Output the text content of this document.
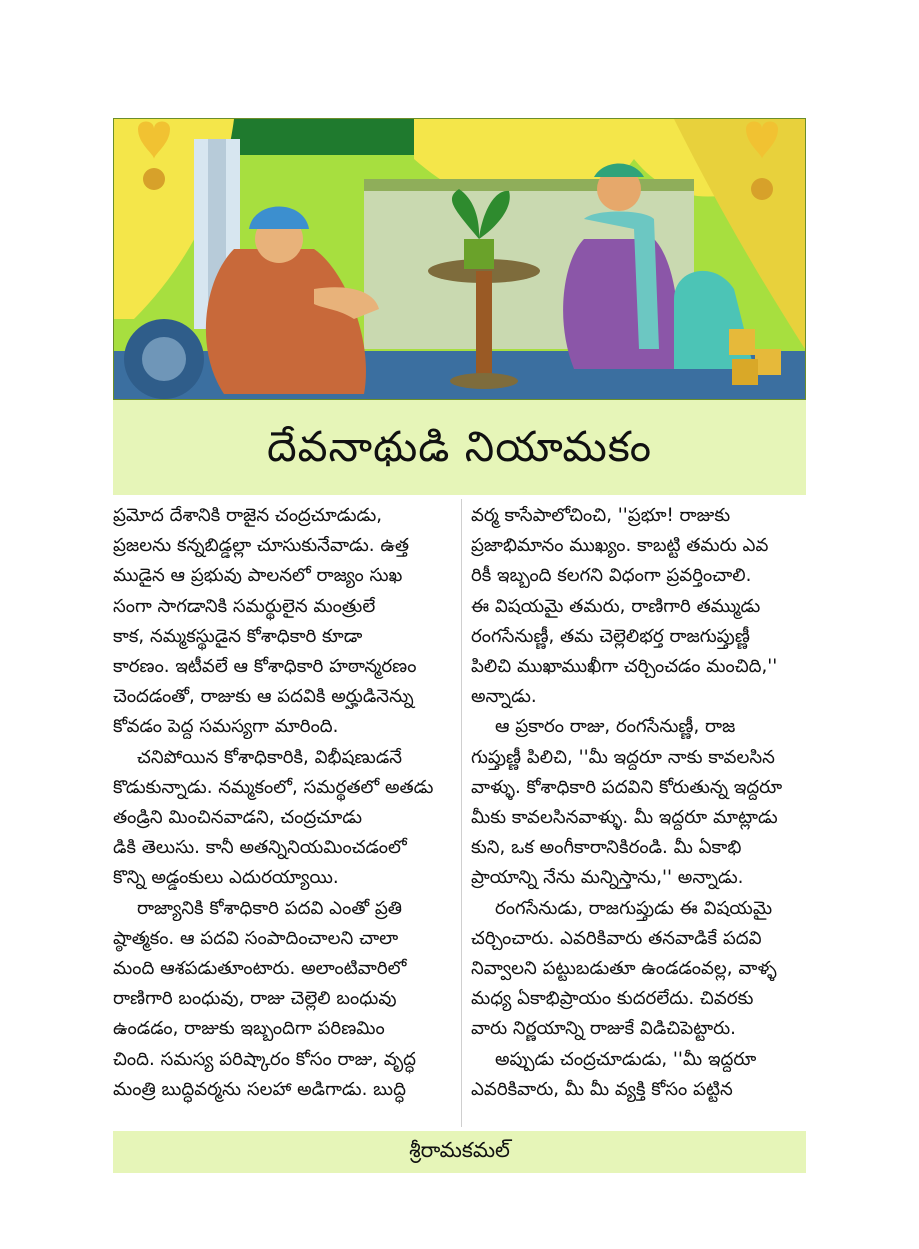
దేవనాథుడి నియామకం

ప్రమోద దేశానికి రాజైన చంద్రచూడుడు,

ప్రజలను కన్నబిడ్డల్లా చూసుకునేవాడు. ఉత్త

ముడైన ఆ ప్రభువు పాలనలో రాజ్యం సుఖ

సంగా సాగడానికి సమర్థులైన మంత్రులే

కాక, నమ్మకస్థుడైన కోశాధికారి కూడా

కారణం. ఇటీవలే ఆ కోశాధికారి హఠాన్మరణం

చెందడంతో, రాజుకు ఆ పదవికి అర్హుడినెన్ను

కోవడం పెద్ద సమస్యగా మారింది.

చనిపోయిన కోశాధికారికి, విభీషణుడనే

కొడుకున్నాడు. నమ్మకంలో, సమర్థతలో అతడు

తండ్రిని మించినవాడని, చంద్రచూడు

డికి తెలుసు. కానీ అతన్నినియమించడంలో

కొన్ని అడ్డంకులు ఎదురయ్యాయి.

రాజ్యానికి కోశాధికారి పదవి ఎంతో ప్రతి

ష్ఠాత్మకం. ఆ పదవి సంపాదించాలని చాలా

మంది ఆశపడుతూంటారు. అలాంటివారిలో

రాణిగారి బంధువు, రాజు చెల్లెలి బంధువు

ఉండడం, రాజుకు ఇబ్బందిగా పరిణమిం

చింది. సమస్య పరిష్కారం కోసం రాజు, వృద్ధ

మంత్రి బుద్ధివర్మను సలహా అడిగాడు. బుద్ధి

వర్మ కాసేపాలోచించి, ''ప్రభూ! రాజుకు

ప్రజాభిమానం ముఖ్యం. కాబట్టి తమరు ఎవ

రికీ ఇబ్బంది కలగని విధంగా ప్రవర్తించాలి.

ఈ విషయమై తమరు, రాణిగారి తమ్ముడు

రంగసేనుణ్ణీ, తమ చెల్లెలిభర్త రాజగుప్తుణ్ణీ

పిలిచి ముఖాముఖీగా చర్చించడం మంచిది,''

అన్నాడు.

ఆ ప్రకారం రాజు, రంగసేనుణ్ణీ, రాజ

గుప్తుణ్ణీ పిలిచి, ''మీ ఇద్దరూ నాకు కావలసిన

వాళ్ళు. కోశాధికారి పదవిని కోరుతున్న ఇద్దరూ

మీకు కావలసినవాళ్ళు. మీ ఇద్దరూ మాట్లాడు

కుని, ఒక అంగీకారానికిరండి. మీ ఏకాభి

ప్రాయాన్ని నేను మన్నిస్తాను,'' అన్నాడు.

రంగసేనుడు, రాజగుప్తుడు ఈ విషయమై

చర్చించారు. ఎవరికివారు తనవాడికే పదవి

నివ్వాలని పట్టుబడుతూ ఉండడంవల్ల, వాళ్ళ

మధ్య ఏకాభిప్రాయం కుదరలేదు. చివరకు

వారు నిర్ణయాన్ని రాజుకే విడిచిపెట్టారు.

అప్పుడు చంద్రచూడుడు, ''మీ ఇద్దరూ

ఎవరికివారు, మీ మీ వ్యక్తి కోసం పట్టిన

శ్రీరామకమల్
